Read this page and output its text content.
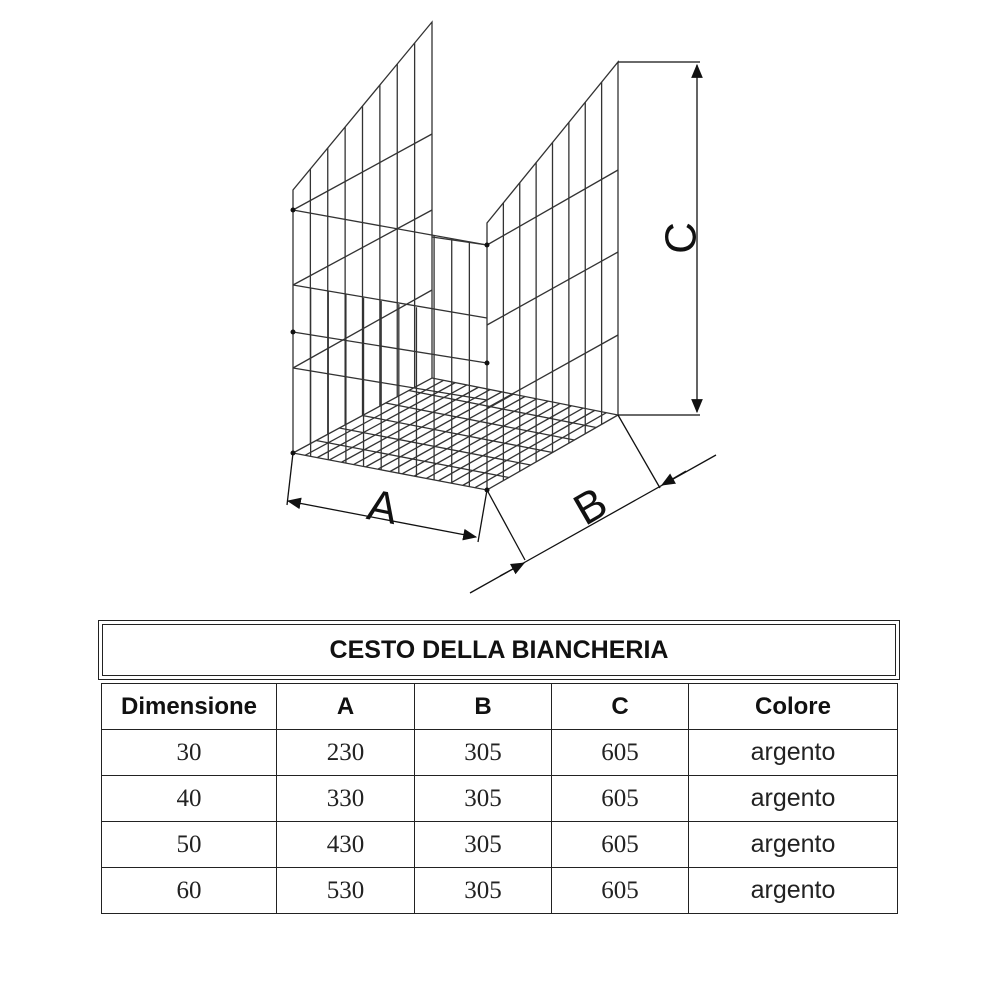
C
A	B
CESTO DELLA BIANCHERIA
Dimensione	A	B	C	Colore
30	230	305	605	argento
40	330	305	605	argento
50	430	305	605	argento
60	530	305	605	argento
